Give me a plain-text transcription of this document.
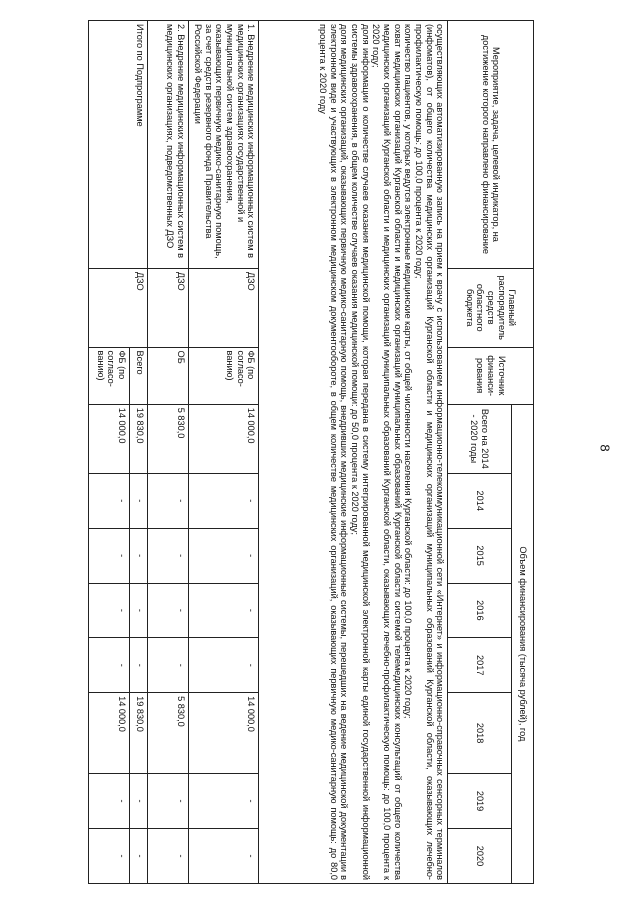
8
Мероприятие, задача, целевой индикатор, на достижение которого направлено финансирование	Главный распорядитель средств областного бюджета	Источник финанси-рования	Объем финансирования (тысяча рублей), год							
			Всего на 2014 - 2020 годы	2014	2015	2016	2017	2018	2019	2020
осуществляющих автоматизированную запись на прием к врачу с использованием информационно-телекоммуникационной сети «Интернет» и информационно-справочных сенсорных терминалов (инфоматов), от общего количества медицинских организаций Курганской области и медицинских организаций муниципальных образований Курганской области, оказывающих лечебно-профилактическую помощь: до 100,0 процента к 2020 году;
количество пациентов, у которых ведутся электронные медицинские карты, от общей численности населения Курганской области: до 100,0 процента к 2020 году;
охват медицинских организаций Курганской области и медицинских организаций муниципальных образований Курганской области системой телемедицинских консультаций от общего количества медицинских организаций Курганской области и медицинских организаций муниципальных образований Курганской области, оказывающих лечебно-профилактическую помощь: до 100,0 процента к 2020 году;
доля информации о количестве случаев оказания медицинской помощи, которая передана в систему интегрированной медицинской электронной карты единой государственной информационной системы здравоохранения, в общем количестве случаев оказания медицинской помощи: до 50,0 процента к 2020 году;
доля медицинских организаций, оказывающих первичную медико-санитарную помощь, внедривших медицинские информационные системы, перешедших на ведение медицинской документации в электронном виде и участвующих в электронном медицинском документообороте, в общем количестве медицинских организаций, оказывающих первичную медико-санитарную помощь: до 80,0 процента к 2020 году										
1. Внедрение медицинских информационных систем в медицинских организациях государственной и муниципальной систем здравоохранения, оказывающих первичную медико-санитарную помощь, за счет средств резервного фонда Правительства Российской Федерации	ДЗО	ФБ (по согласо-ванию)	14 000,0	-	-	-	-	14 000,0	-	-
2. Внедрение медицинских информационных систем в медицинских организациях, подведомственных ДЗО	ДЗО	ОБ	5 830,0	-	-	-	-	5 830,0	-	-
Итого по Подпрограмме	ДЗО	Всего	19 830,0	-	-	-	-	19 830,0	-	-
		ФБ (по согласо-ванию)	14 000,0	-	-	-	-	14 000,0	-	-
